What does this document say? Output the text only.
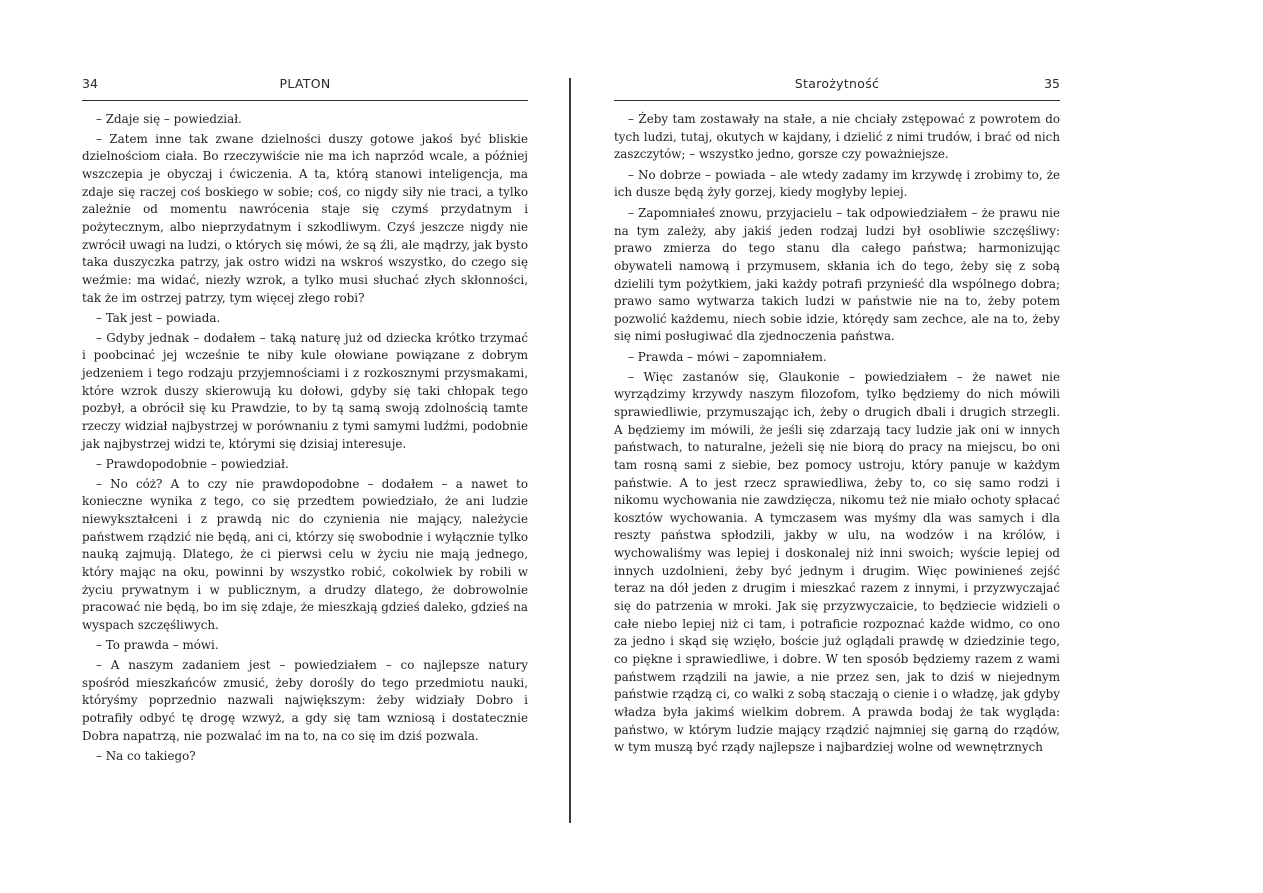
34	PLATON

– Zdaje się – powiedział.

– Zatem inne tak zwane dzielności duszy gotowe jakoś być bliskie dzielnościom ciała. Bo rzeczywiście nie ma ich naprzód wcale, a później wszczepia je obyczaj i ćwiczenia. A ta, którą stanowi inteligencja, ma zdaje się raczej coś boskiego w sobie; coś, co nigdy siły nie traci, a tylko zależnie od momentu nawrócenia staje się czymś przydatnym i pożytecznym, albo nieprzydatnym i szkodliwym. Czyś jeszcze nigdy nie zwrócił uwagi na ludzi, o których się mówi, że są źli, ale mądrzy, jak bysto taka duszyczka patrzy, jak ostro widzi na wskroś wszystko, do czego się weźmie: ma widać, niezły wzrok, a tylko musi słuchać złych skłonności, tak że im ostrzej patrzy, tym więcej złego robi?

– Tak jest – powiada.

– Gdyby jednak – dodałem – taką naturę już od dziecka krótko trzymać i poobcinać jej wcześnie te niby kule ołowiane powiązane z dobrym jedzeniem i tego rodzaju przyjemnościami i z rozkosznymi przysmakami, które wzrok duszy skierowują ku dołowi, gdyby się taki chłopak tego pozbył, a obrócił się ku Prawdzie, to by tą samą swoją zdolnością tamte rzeczy widział najbystrzej w porównaniu z tymi samymi ludźmi, podobnie jak najbystrzej widzi te, którymi się dzisiaj interesuje.

– Prawdopodobnie – powiedział.

– No cóż? A to czy nie prawdopodobne – dodałem – a nawet to konieczne wynika z tego, co się przedtem powiedziało, że ani ludzie niewykształceni i z prawdą nic do czynienia nie mający, należycie państwem rządzić nie będą, ani ci, którzy się swobodnie i wyłącznie tylko nauką zajmują. Dlatego, że ci pierwsi celu w życiu nie mają jednego, który mając na oku, powinni by wszystko robić, cokolwiek by robili w życiu prywatnym i w publicznym, a drudzy dlatego, że dobrowolnie pracować nie będą, bo im się zdaje, że mieszkają gdzieś daleko, gdzieś na wyspach szczęśliwych.

– To prawda – mówi.

– A naszym zadaniem jest – powiedziałem – co najlepsze natury spośród mieszkańców zmusić, żeby dorośly do tego przedmiotu nauki, któryśmy poprzednio nazwali największym: żeby widziały Dobro i potrafiły odbyć tę drogę wzwyż, a gdy się tam wzniosą i dostatecznie Dobra napatrzą, nie pozwalać im na to, na co się im dziś pozwala.

– Na co takiego?

Starożytność	35

– Żeby tam zostawały na stałe, a nie chciały zstępować z powrotem do tych ludzi, tutaj, okutych w kajdany, i dzielić z nimi trudów, i brać od nich zaszczytów; – wszystko jedno, gorsze czy poważniejsze.

– No dobrze – powiada – ale wtedy zadamy im krzywdę i zrobimy to, że ich dusze będą żyły gorzej, kiedy mogłyby lepiej.

– Zapomniałeś znowu, przyjacielu – tak odpowiedziałem – że prawu nie na tym zależy, aby jakiś jeden rodzaj ludzi był osobliwie szczęśliwy: prawo zmierza do tego stanu dla całego państwa; harmonizując obywateli namową i przymusem, skłania ich do tego, żeby się z sobą dzielili tym pożytkiem, jaki każdy potrafi przynieść dla wspólnego dobra; prawo samo wytwarza takich ludzi w państwie nie na to, żeby potem pozwolić każdemu, niech sobie idzie, którędy sam zechce, ale na to, żeby się nimi posługiwać dla zjednoczenia państwa.

– Prawda – mówi – zapomniałem.

– Więc zastanów się, Glaukonie – powiedziałem – że nawet nie wyrządzimy krzywdy naszym filozofom, tylko będziemy do nich mówili sprawiedliwie, przymuszając ich, żeby o drugich dbali i drugich strzegli. A będziemy im mówili, że jeśli się zdarzają tacy ludzie jak oni w innych państwach, to naturalne, jeżeli się nie biorą do pracy na miejscu, bo oni tam rosną sami z siebie, bez pomocy ustroju, który panuje w każdym państwie. A to jest rzecz sprawiedliwa, żeby to, co się samo rodzi i nikomu wychowania nie zawdzięcza, nikomu też nie miało ochoty spłacać kosztów wychowania. A tymczasem was myśmy dla was samych i dla reszty państwa spłodzili, jakby w ulu, na wodzów i na królów, i wychowaliśmy was lepiej i doskonalej niż inni swoich; wyście lepiej od innych uzdolnieni, żeby być jednym i drugim. Więc powinieneś zejść teraz na dół jeden z drugim i mieszkać razem z innymi, i przyzwyczajać się do patrzenia w mroki. Jak się przyzwyczaicie, to będziecie widzieli o całe niebo lepiej niż ci tam, i potraficie rozpoznać każde widmo, co ono za jedno i skąd się wzięło, boście już oglądali prawdę w dziedzinie tego, co piękne i sprawiedliwe, i dobre. W ten sposób będziemy razem z wami państwem rządzili na jawie, a nie przez sen, jak to dziś w niejednym państwie rządzą ci, co walki z sobą staczają o cienie i o władzę, jak gdyby władza była jakimś wielkim dobrem. A prawda bodaj że tak wygląda: państwo, w którym ludzie mający rządzić najmniej się garną do rządów, w tym muszą być rządy najlepsze i najbardziej wolne od wewnętrznych
